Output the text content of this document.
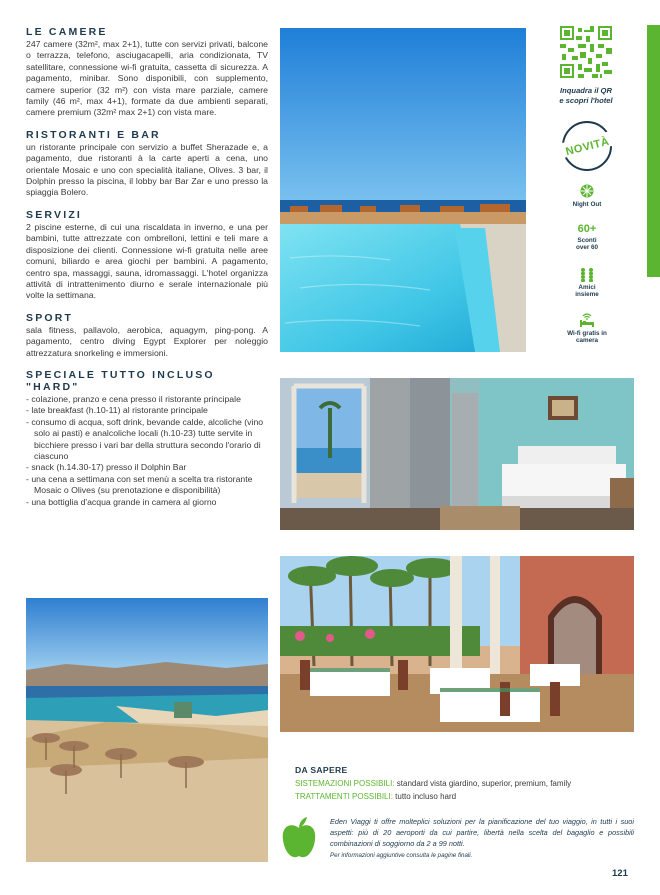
LE CAMERE

247 camere (32m², max 2+1), tutte con servizi privati, balcone o terrazza, telefono, asciugacapelli, aria condizionata, TV satellitare, connessione wi-fi gratuita, cassetta di sicurezza. A pagamento, minibar. Sono disponibili, con supplemento, camere superior (32 m²) con vista mare parziale, camere family (46 m², max 4+1), formate da due ambienti separati, camere premium (32m² max 2+1) con vista mare.

RISTORANTI E BAR

un ristorante principale con servizio a buffet Sherazade e, a pagamento, due ristoranti à la carte aperti a cena, uno orientale Mosaic e uno con specialità italiane, Olives. 3 bar, il Dolphin presso la piscina, il lobby bar Bar Zar e uno presso la spiaggia Bolero.

SERVIZI

2 piscine esterne, di cui una riscaldata in inverno, e una per bambini, tutte attrezzate con ombrelloni, lettini e teli mare a disposizione dei clienti. Connessione wi-fi gratuita nelle aree comuni, biliardo e area giochi per bambini. A pagamento, centro spa, massaggi, sauna, idromassaggi. L'hotel organizza attività di intrattenimento diurno e serale internazionale più volte la settimana.

SPORT

sala fitness, pallavolo, aerobica, aquagym, ping-pong. A pagamento, centro diving Egypt Explorer per noleggio attrezzatura snorkeling e immersioni.

SPECIALE TUTTO INCLUSO "HARD"
- colazione, pranzo e cena presso il ristorante principale
- late breakfast (h.10-11) al ristorante principale
- consumo di acqua, soft drink, bevande calde, alcoliche (vino solo ai pasti) e analcoliche locali (h.10-23) tutte servite in bicchiere presso i vari bar della struttura secondo l'orario di ciascuno
- snack (h.14.30-17) presso il Dolphin Bar
- una cena a settimana con set menù a scelta tra ristorante Mosaic o Olives (su prenotazione e disponibilità)
- una bottiglia d'acqua grande in camera al giorno
Inquadra il QR
e scopri l'hotel
NOVITÀ
Night Out
60+
Sconti over 60
Amici insieme
Wi-fi gratis in camera
DA SAPERE
SISTEMAZIONI POSSIBILI: standard vista giardino, superior, premium, family
TRATTAMENTI POSSIBILI: tutto incluso hard
Eden Viaggi ti offre molteplici soluzioni per la pianificazione del tuo viaggio, in tutti i suoi aspetti: più di 20 aeroporti da cui partire, libertà nella scelta del bagaglio e possibili combinazioni di soggiorno da 2 a 99 notti.
Per informazioni aggiuntive consulta le pagine finali.
121
